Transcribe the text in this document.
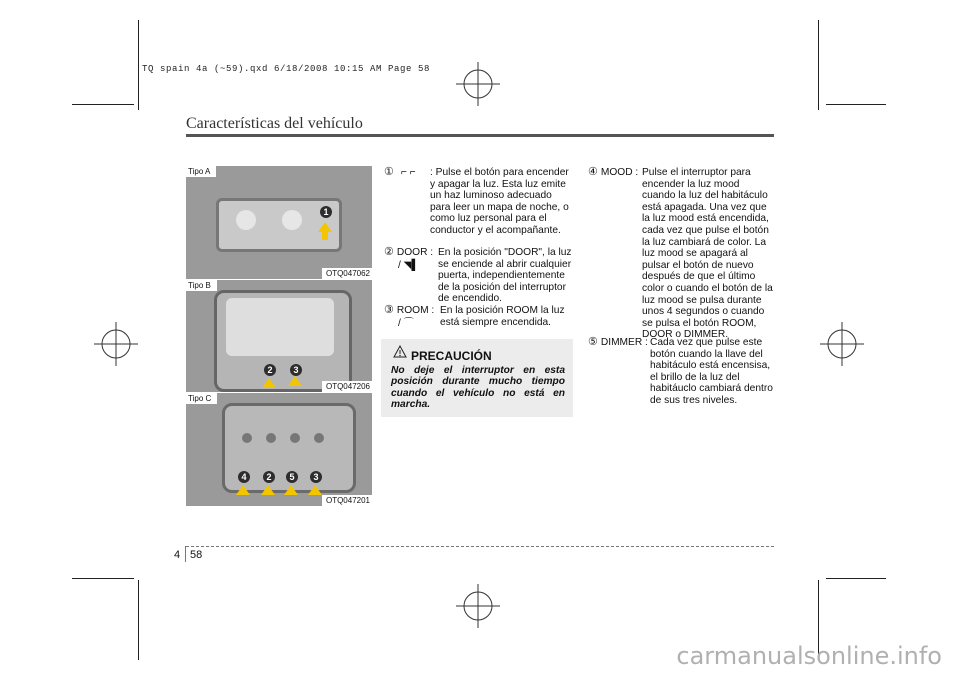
TQ spain 4a (~59).qxd 6/18/2008 10:15 AM Page 58
Características del vehículo
1
Tipo A
OTQ047062
2	3
Tipo B
OTQ047206
4	2	5	3
Tipo C
OTQ047201
① ⌐ ⌐ : Pulse el botón para encender y apagar la luz. Esta luz emite un haz luminoso adecuado para leer un mapa de noche, o como luz personal para el conductor y el acompañante.
② DOOR :
/ ◥▌
En la posición "DOOR", la luz se enciende al abrir cualquier puerta, independientemente de la posición del interruptor de encendido.
③ ROOM :
/ ⌒
En la posición ROOM la luz está siempre encendida.
PRECAUCIÓN
No deje el interruptor en esta posición durante mucho tiempo cuando el vehículo no está en marcha.
④ MOOD : Pulse el interruptor para encender la luz mood cuando la luz del habitáculo está apagada. Una vez que la luz mood está encendida, cada vez que pulse el botón la luz cambiará de color. La luz mood se apagará al pulsar el botón de nuevo después de que el último color o cuando el botón de la luz mood se pulsa durante unos 4 segundos o cuando se pulsa el botón ROOM, DOOR o DIMMER.
⑤ DIMMER : Cada vez que pulse este botón cuando la llave del habitáculo está encensisa, el brillo de la luz del habitáuclo cambiará dentro de sus tres niveles.
4 58
carmanualsonline.info
